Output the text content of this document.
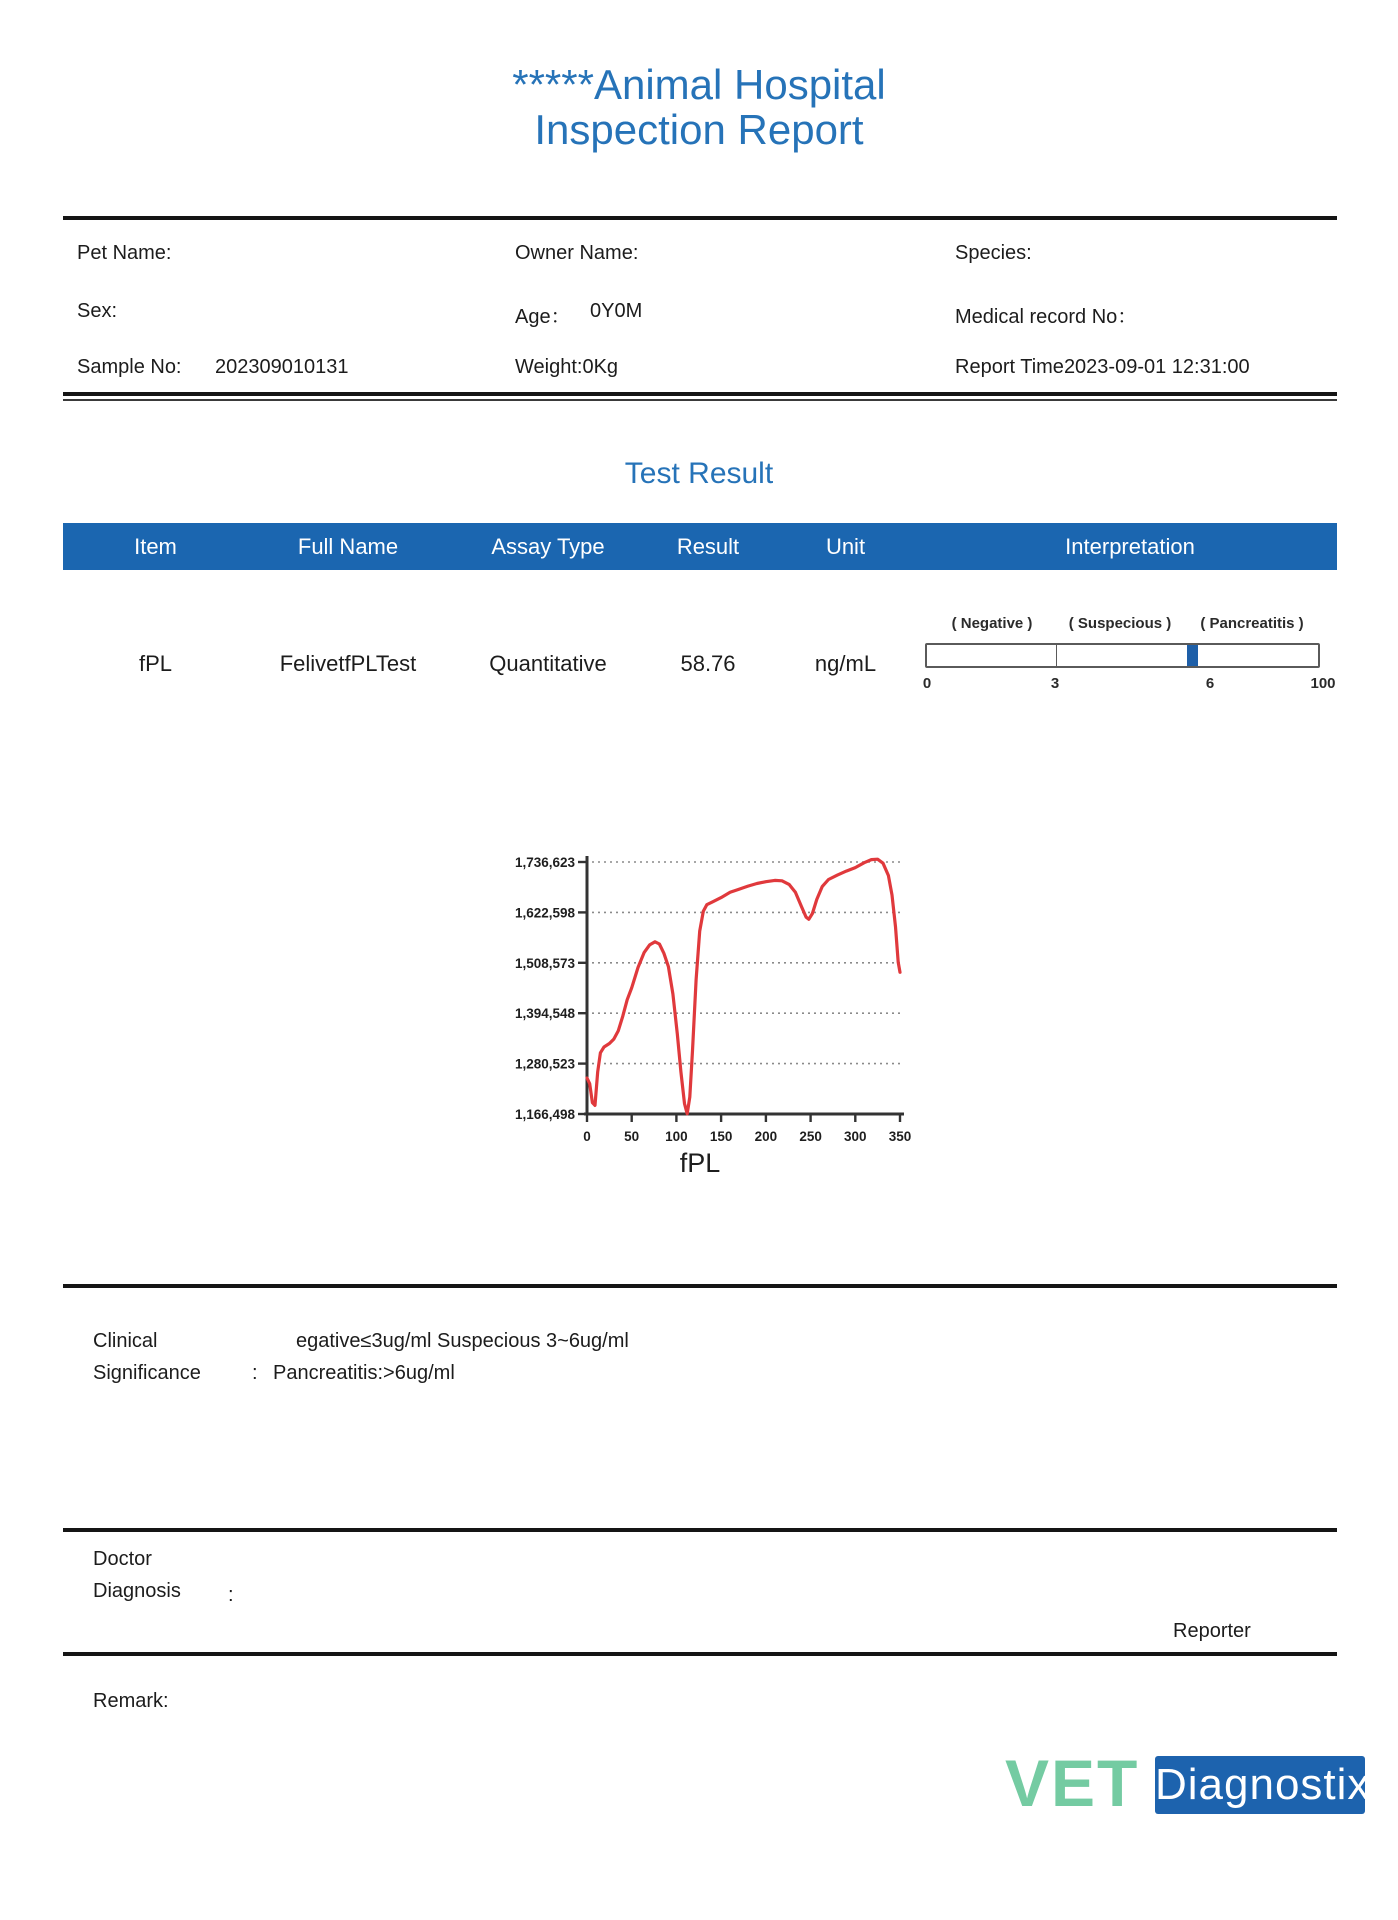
*****Animal Hospital
Inspection Report
Pet Name:	Owner Name:	Species:
Sex:	Age： 0Y0M	Medical record No：
Sample No: 202309010131	Weight:0Kg	Report Time2023-09-01 12:31:00
Test Result
Item	Full Name	Assay Type	Result	Unit	Interpretation
fPL	FelivetfPLTest	Quantitative	58.76	ng/mL
( Negative ) ( Suspecious ) ( Pancreatitis )
0	3	6	100
1,166,498
1,280,523
1,394,548
1,508,573
1,622,598
1,736,623
0 50 100 150 200 250 300 350
fPL
Clinical
Significance	:
egative≤3ug/ml Suspecious 3~6ug/ml
Pancreatitis:>6ug/ml
Doctor
Diagnosis :
Reporter
Remark:
VET Diagnostix
